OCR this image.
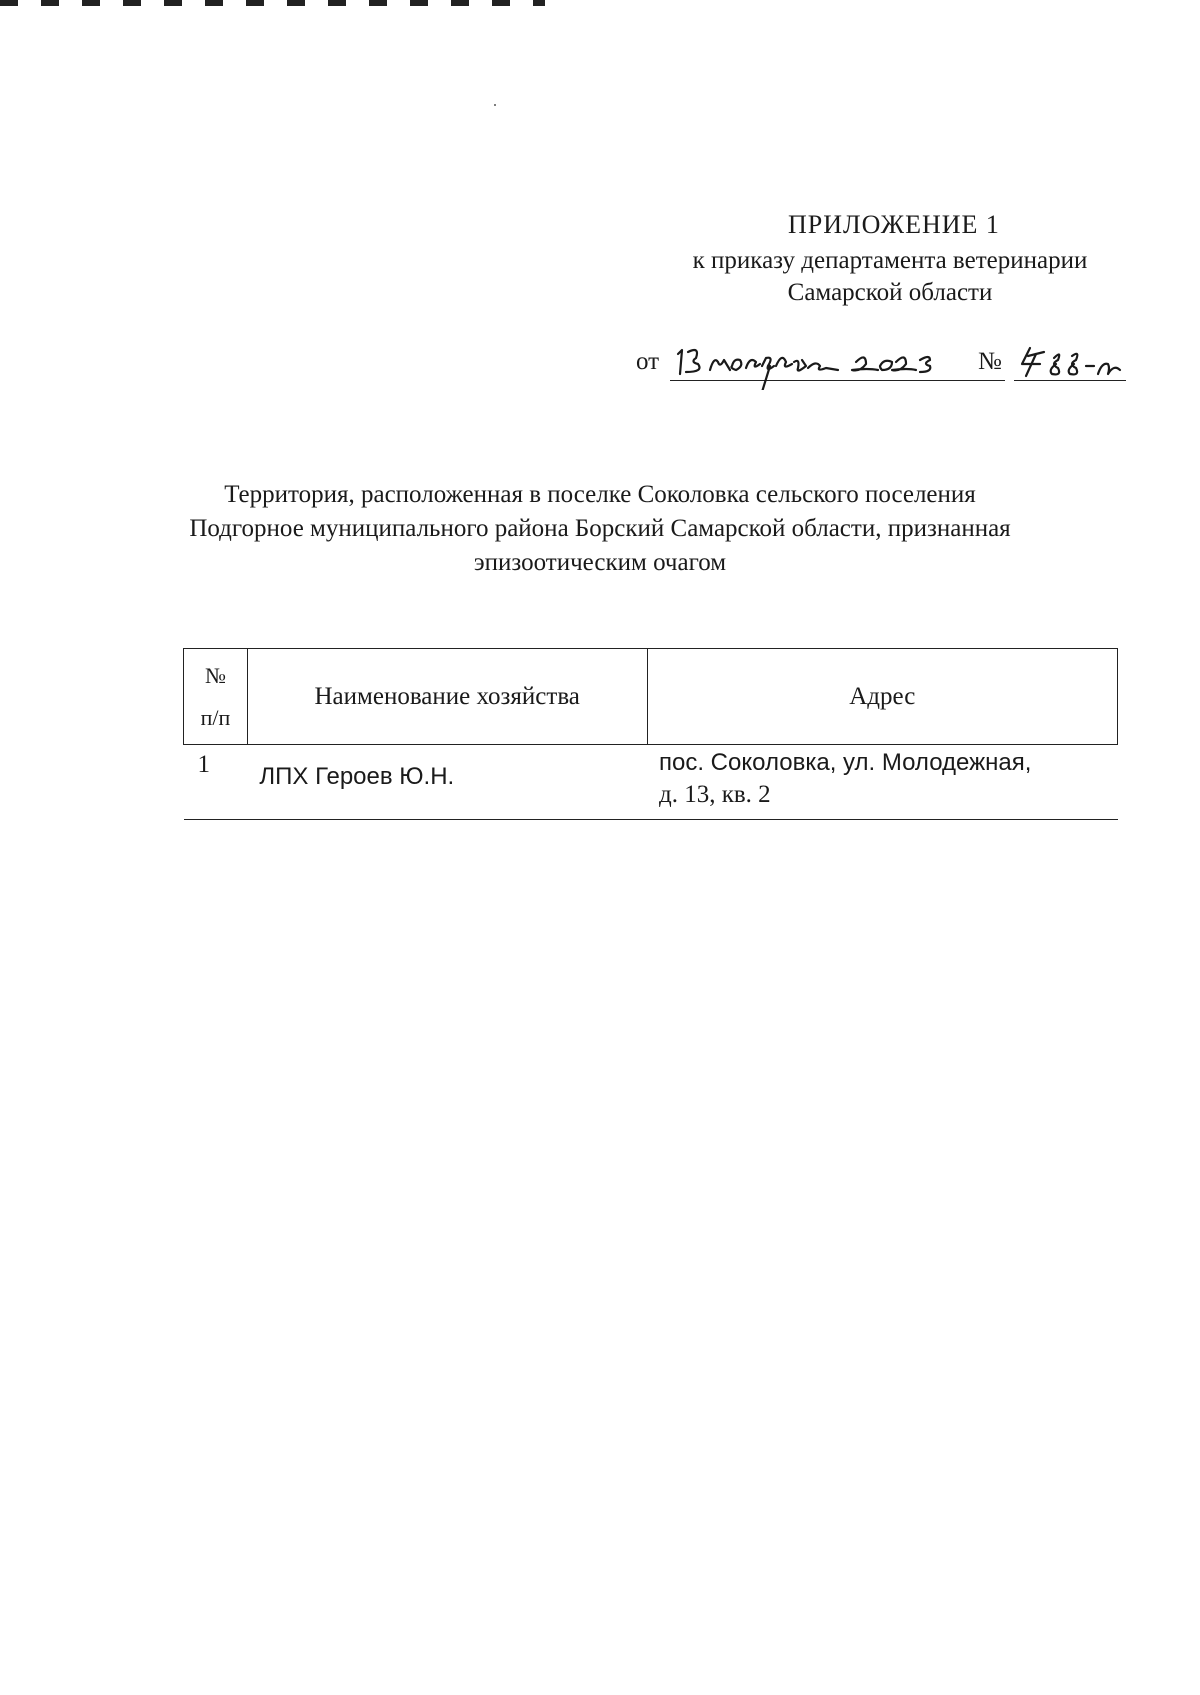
ПРИЛОЖЕНИЕ 1
к приказу департамента ветеринарии
Самарской области
от	№
Территория, расположенная в поселке Соколовка сельского поселения
Подгорное муниципального района Борский Самарской области, признанная
эпизоотическим очагом
№
п/п	Наименование хозяйства	Адрес
1	ЛПХ Героев Ю.Н.	пос. Соколовка, ул. Молодежная,
д. 13, кв. 2
